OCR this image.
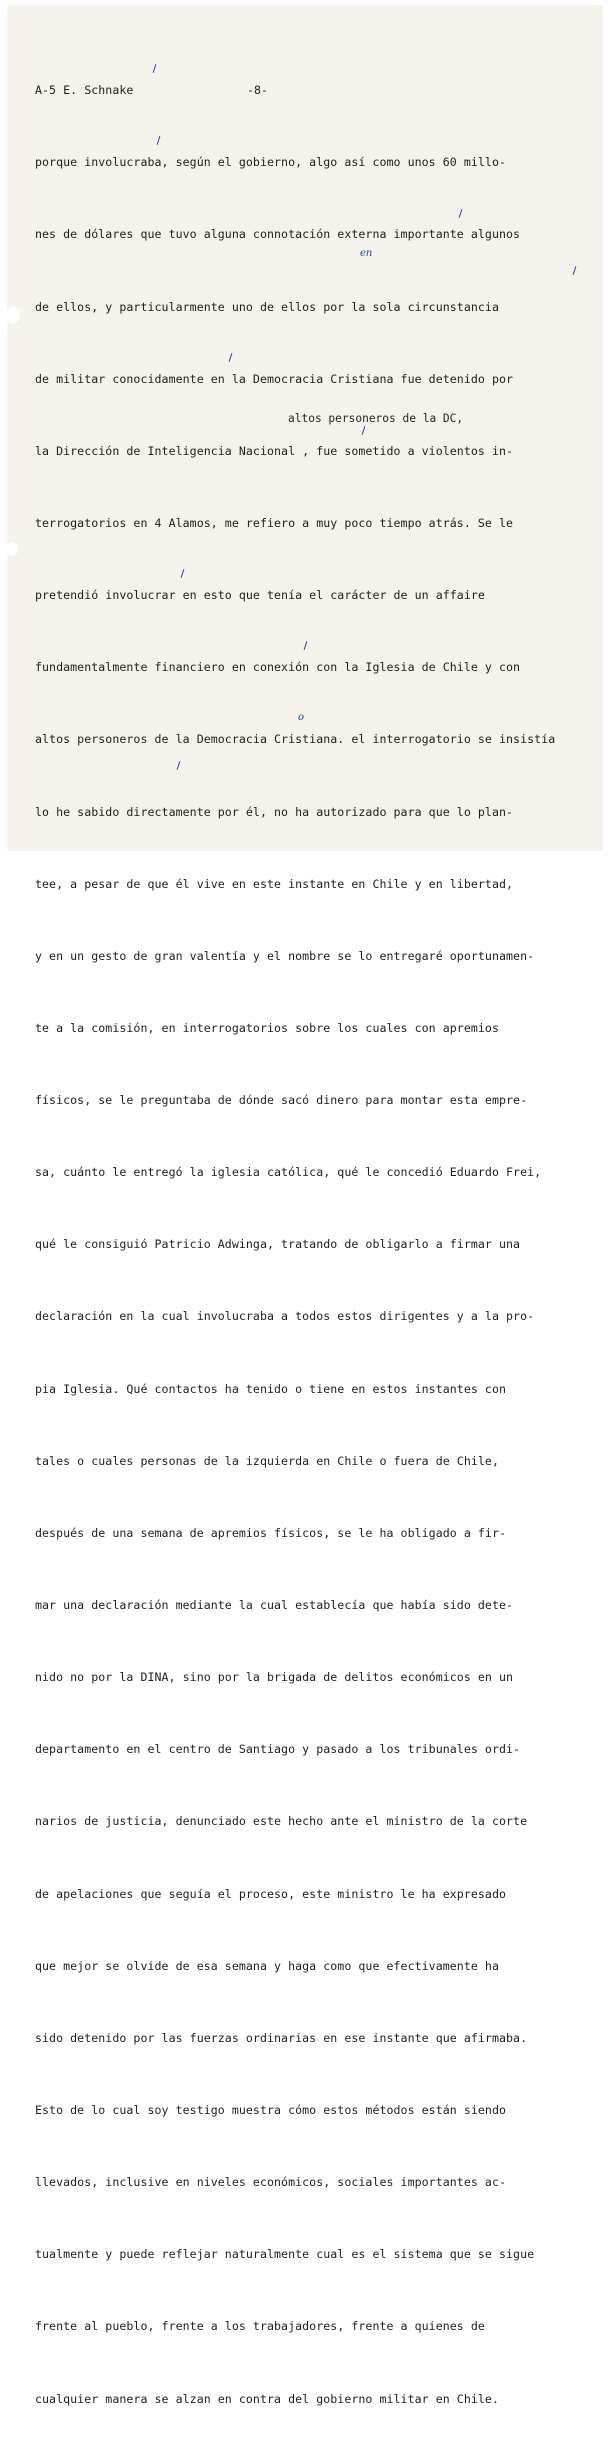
A-5 E. Schnake	-8-

porque involucraba, según el gobierno, algo así como unos 60 millo-

nes de dólares que tuvo alguna connotación externa importante algunos

de ellos, y particularmente uno de ellos por la sola circunstancia

de militar conocidamente en la Democracia Cristiana fue detenido por

la Dirección de Inteligencia Nacional , fue sometido a violentos in-

terrogatorios en 4 Alamos, me refiero a muy poco tiempo atrás. Se le

pretendió involucrar en esto que tenía el carácter de un affaire

fundamentalmente financiero en conexión con la Iglesia de Chile y con

altos personeros de la Democracia Cristiana. el interrogatorio se insistía

lo he sabido directamente por él, no ha autorizado para que lo plan-

tee, a pesar de que él vive en este instante en Chile y en libertad,

y en un gesto de gran valentía y el nombre se lo entregaré oportunamen-

te a la comisión, en interrogatorios sobre los cuales con apremios

físicos, se le preguntaba de dónde sacó dinero para montar esta empre-

sa, cuánto le entregó la iglesia católica, qué le concedió Eduardo Frei,

qué le consiguió Patricio Adwinga, tratando de obligarlo a firmar una

declaración en la cual involucraba a todos estos dirigentes y a la pro-

pia Iglesia. Qué contactos ha tenido o tiene en estos instantes con

tales o cuales personas de la izquierda en Chile o fuera de Chile,

después de una semana de apremios físicos, se le ha obligado a fir-

mar una declaración mediante la cual establecía que había sido dete-

nido no por la DINA, sino por la brigada de delitos económicos en un

departamento en el centro de Santiago y pasado a los tribunales ordi-

narios de justicia, denunciado este hecho ante el ministro de la corte

de apelaciones que seguía el proceso, este ministro le ha expresado

que mejor se olvide de esa semana y haga como que efectivamente ha

sido detenido por las fuerzas ordinarias en ese instante que afirmaba.

Esto de lo cual soy testigo muestra cómo estos métodos están siendo

llevados, inclusive en niveles económicos, sociales importantes ac-

tualmente y puede reflejar naturalmente cual es el sistema que se sigue

frente al pueblo, frente a los trabajadores, frente a quienes de

cualquier manera se alzan en contra del gobierno militar en Chile.

altos personeros de la DC,
en
o
